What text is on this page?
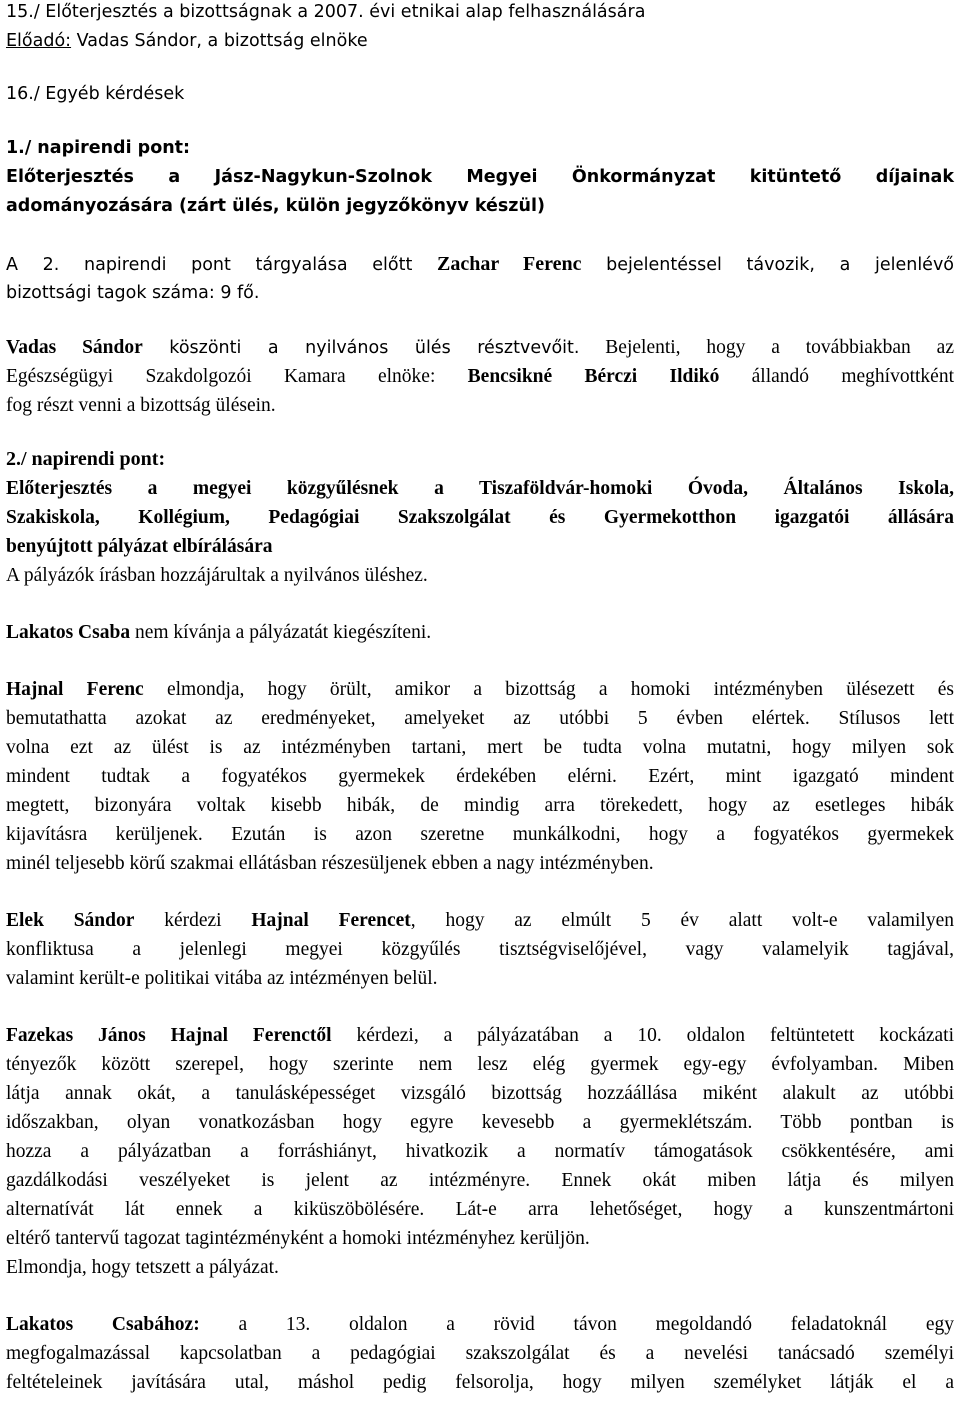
15./ Előterjesztés a bizottságnak a 2007. évi etnikai alap felhasználására
Előadó: Vadas Sándor, a bizottság elnöke
16./ Egyéb kérdések
1./ napirendi pont:
Előterjesztés a Jász-Nagykun-Szolnok Megyei Önkormányzat kitüntető díjainak
adományozására (zárt ülés, külön jegyzőkönyv készül)
A 2. napirendi pont tárgyalása előtt Zachar Ferenc bejelentéssel távozik, a jelenlévő
bizottsági tagok száma: 9 fő.
Vadas Sándor köszönti a nyilvános ülés résztvevőit. Bejelenti, hogy a továbbiakban az
Egészségügyi Szakdolgozói Kamara elnöke: Bencsikné Bérczi Ildikó állandó meghívottként
fog részt venni a bizottság ülésein.
2./ napirendi pont:
Előterjesztés a megyei közgyűlésnek a Tiszaföldvár-homoki Óvoda, Általános Iskola,
Szakiskola, Kollégium, Pedagógiai Szakszolgálat és Gyermekotthon igazgatói állására
benyújtott pályázat elbírálására
A pályázók írásban hozzájárultak a nyilvános üléshez.
Lakatos Csaba nem kívánja a pályázatát kiegészíteni.
Hajnal Ferenc elmondja, hogy örült, amikor a bizottság a homoki intézményben ülésezett és
bemutathatta azokat az eredményeket, amelyeket az utóbbi 5 évben elértek. Stílusos lett
volna ezt az ülést is az intézményben tartani, mert be tudta volna mutatni, hogy milyen sok
mindent tudtak a fogyatékos gyermekek érdekében elérni. Ezért, mint igazgató mindent
megtett, bizonyára voltak kisebb hibák, de mindig arra törekedett, hogy az esetleges hibák
kijavításra kerüljenek. Ezután is azon szeretne munkálkodni, hogy a fogyatékos gyermekek
minél teljesebb körű szakmai ellátásban részesüljenek ebben a nagy intézményben.
Elek Sándor kérdezi Hajnal Ferencet, hogy az elmúlt 5 év alatt volt-e valamilyen
konfliktusa a jelenlegi megyei közgyűlés tisztségviselőjével, vagy valamelyik tagjával,
valamint került-e politikai vitába az intézményen belül.
Fazekas János Hajnal Ferenctől kérdezi, a pályázatában a 10. oldalon feltüntetett kockázati
tényezők között szerepel, hogy szerinte nem lesz elég gyermek egy-egy évfolyamban. Miben
látja annak okát, a tanulásképességet vizsgáló bizottság hozzáállása miként alakult az utóbbi
időszakban, olyan vonatkozásban hogy egyre kevesebb a gyermeklétszám. Több pontban is
hozza a pályázatban a forráshiányt, hivatkozik a normatív támogatások csökkentésére, ami
gazdálkodási veszélyeket is jelent az intézményre. Ennek okát miben látja és milyen
alternatívát lát ennek a kiküszöbölésére. Lát-e arra lehetőséget, hogy a kunszentmártoni
eltérő tantervű tagozat tagintézményként a homoki intézményhez kerüljön.
Elmondja, hogy tetszett a pályázat.
Lakatos Csabához: a 13. oldalon a rövid távon megoldandó feladatoknál egy
megfogalmazással kapcsolatban a pedagógiai szakszolgálat és a nevelési tanácsadó személyi
feltételeinek javítására utal, máshol pedig felsorolja, hogy milyen személyket látják el a
